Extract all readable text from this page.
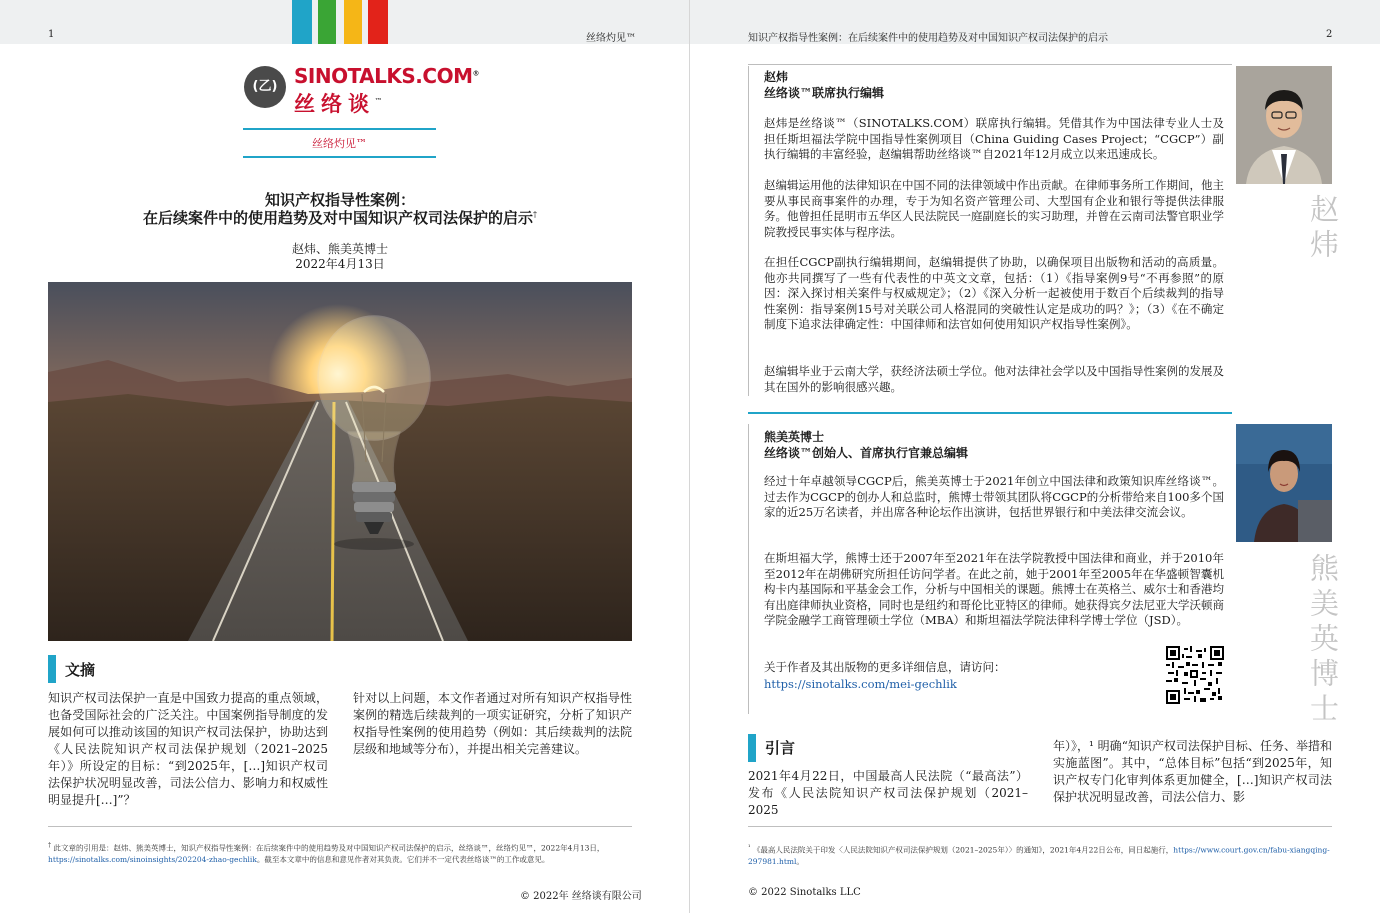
1	丝络灼见™	知识产权指导性案例：在后续案件中的使用趋势及对中国知识产权司法保护的启示	2
(乙) SINOTALKS.COM®
丝络谈™
丝络灼见™
知识产权指导性案例：
在后续案件中的使用趋势及对中国知识产权司法保护的启示†
赵炜、熊美英博士
2022年4月13日
文摘
知识产权司法保护一直是中国致力提高的重点领域，也备受国际社会的广泛关注。中国案例指导制度的发展如何可以推动该国的知识产权司法保护，协助达到《人民法院知识产权司法保护规划（2021–2025年）》所设定的目标：“到2025年，[…]知识产权司法保护状况明显改善，司法公信力、影响力和权威性明显提升[…]”？
针对以上问题，本文作者通过对所有知识产权指导性案例的精选后续裁判的一项实证研究，分析了知识产权指导性案例的使用趋势（例如：其后续裁判的法院层级和地域等分布），并提出相关完善建议。
† 此文章的引用是：赵炜、熊美英博士，知识产权指导性案例：在后续案件中的使用趋势及对中国知识产权司法保护的启示，丝络谈™，丝络灼见™，2022年4月13日，https://sinotalks.com/sinoinsights/202204-zhao-gechlik。截至本文章中的信息和意见作者对其负责。它们并不一定代表丝络谈™的工作或意见。
© 2022年 丝络谈有限公司
赵炜
丝络谈™联席执行编辑
赵炜是丝络谈™（SINOTALKS.COM）联席执行编辑。凭借其作为中国法律专业人士及担任斯坦福法学院中国指导性案例项目（China Guiding Cases Project；“CGCP”）副执行编辑的丰富经验，赵编辑帮助丝络谈™自2021年12月成立以来迅速成长。
赵编辑运用他的法律知识在中国不同的法律领域中作出贡献。在律师事务所工作期间，他主要从事民商事案件的办理，专于为知名资产管理公司、大型国有企业和银行等提供法律服务。他曾担任昆明市五华区人民法院民一庭副庭长的实习助理，并曾在云南司法警官职业学院教授民事实体与程序法。
在担任CGCP副执行编辑期间，赵编辑提供了协助，以确保项目出版物和活动的高质量。他亦共同撰写了一些有代表性的中英文文章，包括：（1）《指导案例9号“不再参照”的原因：深入探讨相关案件与权威规定》；（2）《深入分析一起被使用于数百个后续裁判的指导性案例：指导案例15号对关联公司人格混同的突破性认定是成功的吗？》；（3）《在不确定制度下追求法律确定性：中国律师和法官如何使用知识产权指导性案例》。
赵编辑毕业于云南大学，获经济法硕士学位。他对法律社会学以及中国指导性案例的发展及其在国外的影响很感兴趣。
赵炜
熊美英博士
丝络谈™创始人、首席执行官兼总编辑
经过十年卓越领导CGCP后，熊美英博士于2021年创立中国法律和政策知识库丝络谈™。过去作为CGCP的创办人和总监时，熊博士带领其团队将CGCP的分析带给来自100多个国家的近25万名读者，并出席各种论坛作出演讲，包括世界银行和中美法律交流会议。
在斯坦福大学，熊博士还于2007年至2021年在法学院教授中国法律和商业，并于2010年至2012年在胡佛研究所担任访问学者。在此之前，她于2001年至2005年在华盛顿智囊机构卡内基国际和平基金会工作，分析与中国相关的课题。熊博士在英格兰、威尔士和香港均有出庭律师执业资格，同时也是纽约和哥伦比亚特区的律师。她获得宾夕法尼亚大学沃顿商学院金融学工商管理硕士学位（MBA）和斯坦福法学院法律科学博士学位（JSD）。
关于作者及其出版物的更多详细信息，请访问：
https://sinotalks.com/mei-gechlik	熊美英博士
引言
2021年4月22日，中国最高人民法院（“最高法”）发布《人民法院知识产权司法保护规划（2021–2025
年）》，¹ 明确“知识产权司法保护目标、任务、举措和实施蓝图”。其中，“总体目标”包括“到2025年，知识产权专门化审判体系更加健全，[…]知识产权司法保护状况明显改善，司法公信力、影
$^{^1}$ 《最高人民法院关于印发〈人民法院知识产权司法保护规划（2021–2025年）〉的通知》，2021年4月22日公布，同日起施行，https://www.court.gov.cn/fabu-xiangqing-297981.html。
© 2022 Sinotalks LLC
